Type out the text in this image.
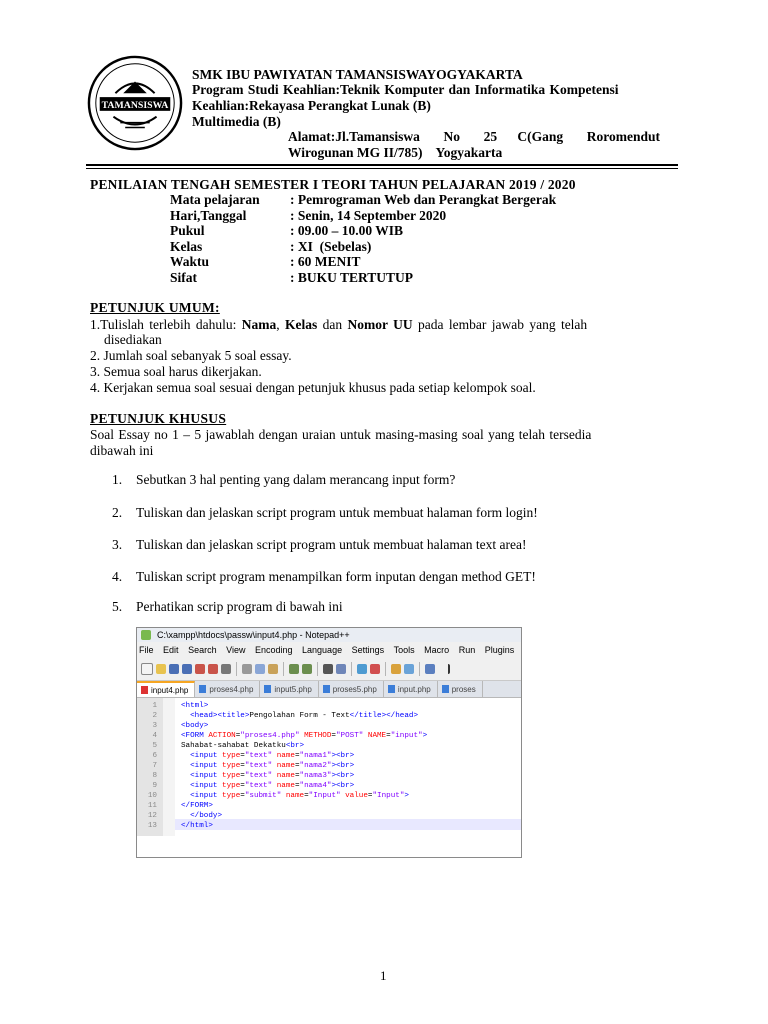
TAMANSISWA
SMK IBU PAWIYATAN TAMANSISWAYOGYAKARTA
Program Studi Keahlian:Teknik Komputer dan Informatika Kompetensi
Keahlian:Rekayasa Perangkat Lunak (B)
Multimedia (B)
Alamat:Jl.Tamansiswa       No       25      C(Gang       Roromendut
Wirogunan MG II/785)    Yogyakarta
PENILAIAN TENGAH SEMESTER I TEORI TAHUN PELAJARAN 2019 / 2020
Mata pelajaran : Pemrograman Web dan Perangkat Bergerak
Hari,Tanggal	: Senin, 14 September 2020
Pukul	: 09.00 – 10.00 WIB
Kelas	: XI  (Sebelas)
Waktu	: 60 MENIT
Sifat	: BUKU TERTUTUP
PETUNJUK UMUM:
1.Tulislah terlebih dahulu: Nama, Kelas dan Nomor UU pada lembar jawab yang telah
disediakan
2. Jumlah soal sebanyak 5 soal essay.
3. Semua soal harus dikerjakan.
4. Kerjakan semua soal sesuai dengan petunjuk khusus pada setiap kelompok soal.
PETUNJUK KHUSUS
Soal Essay no 1 – 5 jawablah dengan uraian untuk masing-masing soal yang telah tersedia
dibawah ini
1. Sebutkan 3 hal penting yang dalam merancang input form?
2. Tuliskan dan jelaskan script program untuk membuat halaman form login!
3. Tuliskan dan jelaskan script program untuk membuat halaman text area!
4. Tuliskan script program menampilkan form inputan dengan method GET!
5. Perhatikan scrip program di bawah ini
C:\xampp\htdocs\passw\input4.php - Notepad++
File Edit Search View Encoding Language Settings Tools Macro Run Plugins
input4.php	proses4.php	input5.php	proses5.php	input.php	proses
1	<html>
2	<head><title>Pengolahan Form - Text</title></head>
3	<body>
4	<FORM ACTION="proses4.php" METHOD="POST" NAME="input">
5	Sahabat-sahabat Dekatku<br>
6	<input type="text" name="nama1"><br>
7	<input type="text" name="nama2"><br>
8	<input type="text" name="nama3"><br>
9	<input type="text" name="nama4"><br>
10	<input type="submit" name="Input" value="Input">
11	</FORM>
12	</body>
13	</html>
1
